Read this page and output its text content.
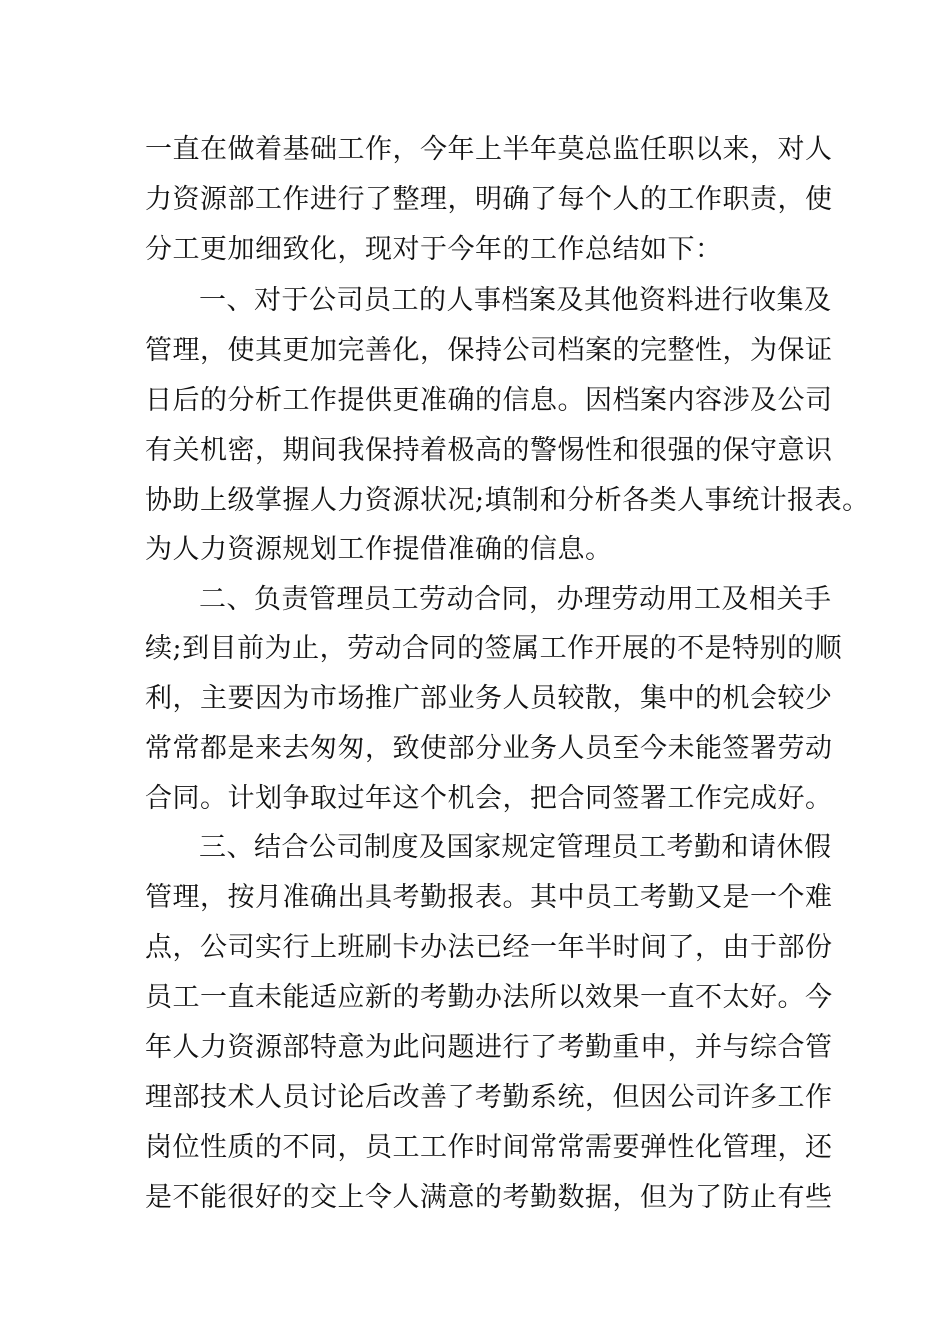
一直在做着基础工作，今年上半年莫总监任职以来，对人
力资源部工作进行了整理，明确了每个人的工作职责，使
分工更加细致化，现对于今年的工作总结如下：
一、对于公司员工的人事档案及其他资料进行收集及
管理，使其更加完善化，保持公司档案的完整性，为保证
日后的分析工作提供更准确的信息。因档案内容涉及公司
有关机密，期间我保持着极高的警惕性和很强的保守意识
协助上级掌握人力资源状况;填制和分析各类人事统计报表。
为人力资源规划工作提借准确的信息。
二、负责管理员工劳动合同，办理劳动用工及相关手
续;到目前为止，劳动合同的签属工作开展的不是特别的顺
利，主要因为市场推广部业务人员较散，集中的机会较少
常常都是来去匆匆，致使部分业务人员至今未能签署劳动
合同。计划争取过年这个机会，把合同签署工作完成好。
三、结合公司制度及国家规定管理员工考勤和请休假
管理，按月准确出具考勤报表。其中员工考勤又是一个难
点，公司实行上班刷卡办法已经一年半时间了，由于部份
员工一直未能适应新的考勤办法所以效果一直不太好。今
年人力资源部特意为此问题进行了考勤重申，并与综合管
理部技术人员讨论后改善了考勤系统，但因公司许多工作
岗位性质的不同，员工工作时间常常需要弹性化管理，还
是不能很好的交上令人满意的考勤数据，但为了防止有些
